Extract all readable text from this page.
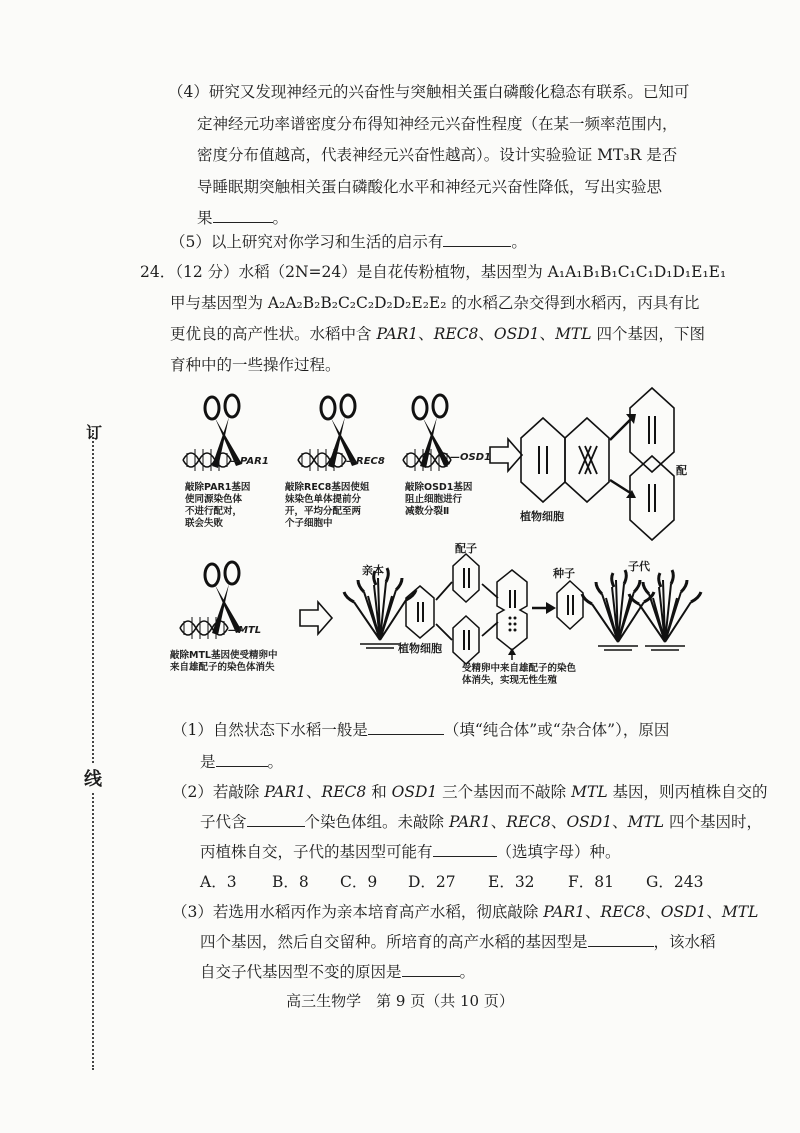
订
线
（4）研究又发现神经元的兴奋性与突触相关蛋白磷酸化稳态有联系。已知可
定神经元功率谱密度分布得知神经元兴奋性程度（在某一频率范围内，
密度分布值越高，代表神经元兴奋性越高）。设计实验验证 MT₃R 是否
导睡眠期突触相关蛋白磷酸化水平和神经元兴奋性降低，写出实验思
果	。
（5）以上研究对你学习和生活的启示有	。
24．（12 分）水稻（2N=24）是自花传粉植物，基因型为 A₁A₁B₁B₁C₁C₁D₁D₁E₁E₁
甲与基因型为 A₂A₂B₂B₂C₂C₂D₂D₂E₂E₂ 的水稻乙杂交得到水稻丙，丙具有比
更优良的高产性状。水稻中含 PAR1、REC8、OSD1、MTL 四个基因，下图
育种中的一些操作过程。
—PAR1	—REC8	—OSD1
—MTL
敲除PAR1基因
使同源染色体
不进行配对，
联会失败
敲除REC8基因使姐
妹染色单体提前分
开，平均分配至两
个子细胞中
敲除OSD1基因
阻止细胞进行
减数分裂Ⅱ	植物细胞
配
敲除MTL基因使受精卵中
来自雄配子的染色体消失
亲本
配子
种子
子代
植物细胞
受精卵中来自雄配子的染色
体消失，实现无性生殖
（1）自然状态下水稻一般是	（填“纯合体”或“杂合体”），原因
是	。
（2）若敲除 PAR1、REC8 和 OSD1 三个基因而不敲除 MTL 基因，则丙植株自交的
子代含	个染色体组。未敲除 PAR1、REC8、OSD1、MTL 四个基因时，
丙植株自交，子代的基因型可能有	（选填字母）种。
A．3 B．8 C．9 D．27 E．32 F．81 G．243
（3）若选用水稻丙作为亲本培育高产水稻，彻底敲除 PAR1、REC8、OSD1、MTL
四个基因，然后自交留种。所培育的高产水稻的基因型是	，该水稻
自交子代基因型不变的原因是	。
高三生物学　第 9 页（共 10 页）
